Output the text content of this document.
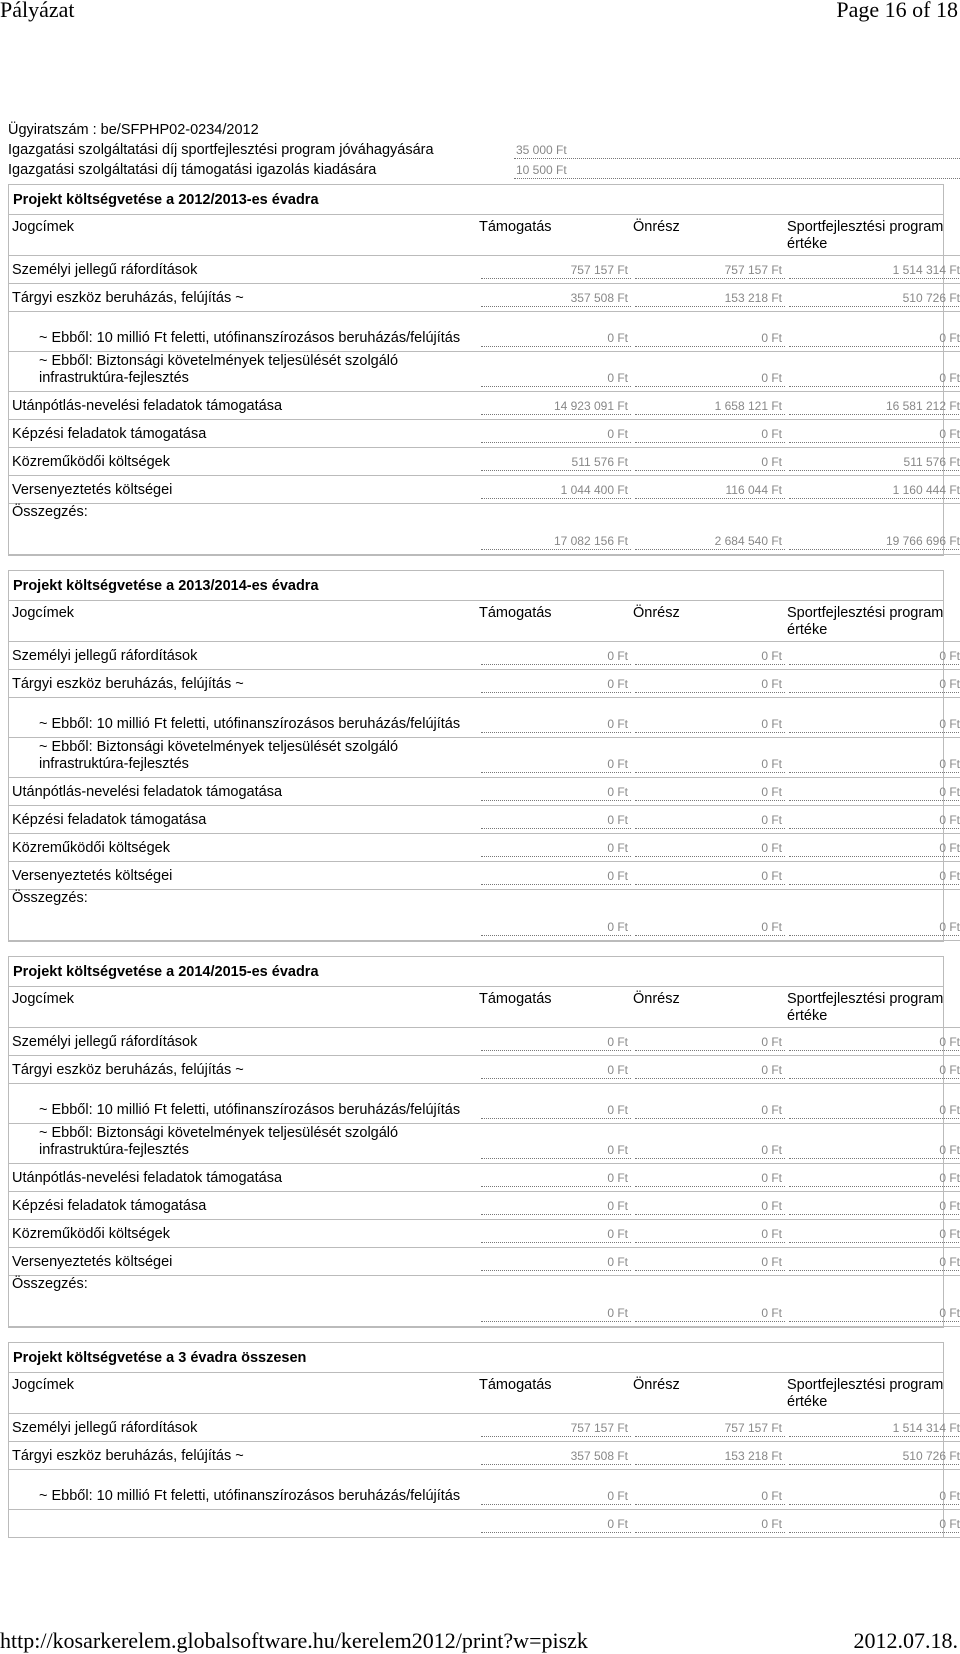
Pályázat	Page 16 of 18
Ügyiratszám : be/SFPHP02-0234/2012
Igazgatási szolgáltatási díj sportfejlesztési program jóváhagyására	35 000 Ft
Igazgatási szolgáltatási díj támogatási igazolás kiadására	10 500 Ft
Projekt költségvetése a 2012/2013-es évadra
Jogcímek	Támogatás	Önrész	Sportfejlesztési program értéke
Személyi jellegű ráfordítások	757 157 Ft	757 157 Ft	1 514 314 Ft

Tárgyi eszköz beruházás, felújítás ~	357 508 Ft	153 218 Ft	510 726 Ft

~ Ebből: 10 millió Ft feletti, utófinanszírozásos beruházás/felújítás	0 Ft	0 Ft	0 Ft

~ Ebből: Biztonsági követelmények teljesülését szolgáló infrastruktúra-fejlesztés	0 Ft	0 Ft	0 Ft

Utánpótlás-nevelési feladatok támogatása	14 923 091 Ft	1 658 121 Ft	16 581 212 Ft

Képzési feladatok támogatása	0 Ft	0 Ft	0 Ft

Közreműködői költségek	511 576 Ft	0 Ft	511 576 Ft

Versenyeztetés költségei	1 044 400 Ft	116 044 Ft	1 160 444 Ft

Összegzés:			

	17 082 156 Ft	2 684 540 Ft	19 766 696 Ft
Projekt költségvetése a 2013/2014-es évadra
Jogcímek	Támogatás	Önrész	Sportfejlesztési program értéke
Személyi jellegű ráfordítások	0 Ft	0 Ft	0 Ft

Tárgyi eszköz beruházás, felújítás ~	0 Ft	0 Ft	0 Ft

~ Ebből: 10 millió Ft feletti, utófinanszírozásos beruházás/felújítás	0 Ft	0 Ft	0 Ft

~ Ebből: Biztonsági követelmények teljesülését szolgáló infrastruktúra-fejlesztés	0 Ft	0 Ft	0 Ft

Utánpótlás-nevelési feladatok támogatása	0 Ft	0 Ft	0 Ft

Képzési feladatok támogatása	0 Ft	0 Ft	0 Ft

Közreműködői költségek	0 Ft	0 Ft	0 Ft

Versenyeztetés költségei	0 Ft	0 Ft	0 Ft

Összegzés:			

	0 Ft	0 Ft	0 Ft
Projekt költségvetése a 2014/2015-es évadra
Jogcímek	Támogatás	Önrész	Sportfejlesztési program értéke
Személyi jellegű ráfordítások	0 Ft	0 Ft	0 Ft

Tárgyi eszköz beruházás, felújítás ~	0 Ft	0 Ft	0 Ft

~ Ebből: 10 millió Ft feletti, utófinanszírozásos beruházás/felújítás	0 Ft	0 Ft	0 Ft

~ Ebből: Biztonsági követelmények teljesülését szolgáló infrastruktúra-fejlesztés	0 Ft	0 Ft	0 Ft

Utánpótlás-nevelési feladatok támogatása	0 Ft	0 Ft	0 Ft

Képzési feladatok támogatása	0 Ft	0 Ft	0 Ft

Közreműködői költségek	0 Ft	0 Ft	0 Ft

Versenyeztetés költségei	0 Ft	0 Ft	0 Ft

Összegzés:			

	0 Ft	0 Ft	0 Ft
Projekt költségvetése a 3 évadra összesen
Jogcímek	Támogatás	Önrész	Sportfejlesztési program értéke
Személyi jellegű ráfordítások	757 157 Ft	757 157 Ft	1 514 314 Ft

Tárgyi eszköz beruházás, felújítás ~	357 508 Ft	153 218 Ft	510 726 Ft

~ Ebből: 10 millió Ft feletti, utófinanszírozásos beruházás/felújítás	0 Ft	0 Ft	0 Ft

	0 Ft	0 Ft	0 Ft
http://kosarkerelem.globalsoftware.hu/kerelem2012/print?w=piszk	2012.07.18.
